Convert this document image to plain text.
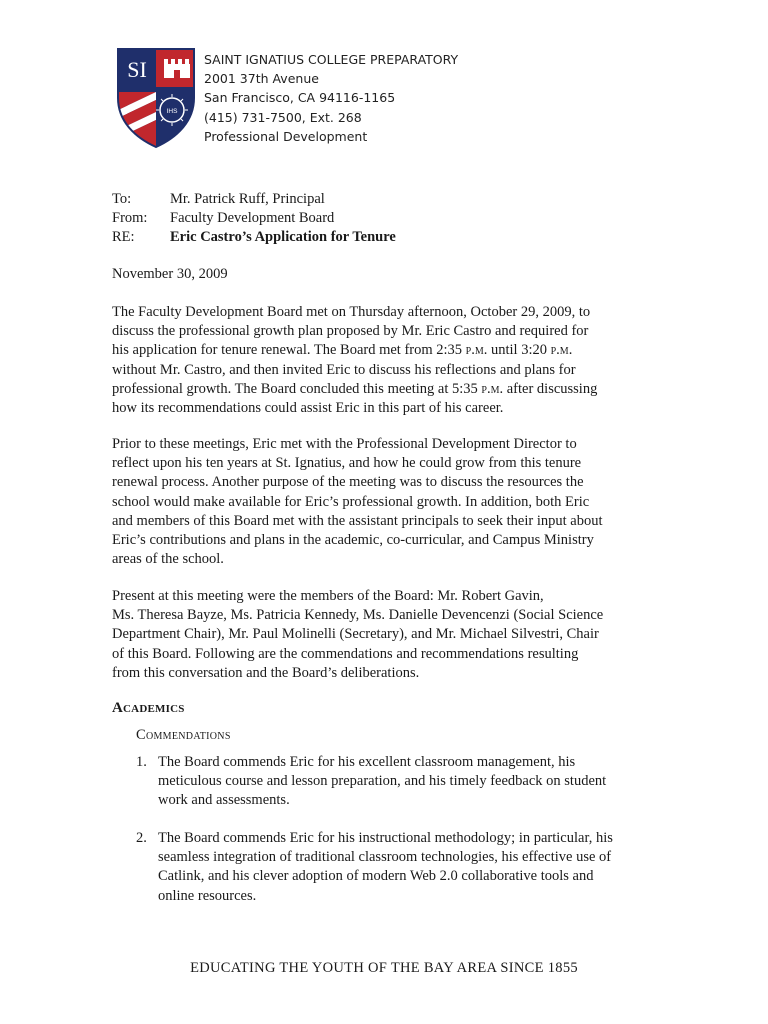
SI
IHS
SAINT IGNATIUS COLLEGE PREPARATORY
2001 37th Avenue
San Francisco, CA 94116-1165
(415) 731-7500, Ext. 268
Professional Development
To:	Mr. Patrick Ruff, Principal
From:	Faculty Development Board
RE:	Eric Castro’s Application for Tenure
November 30, 2009
The Faculty Development Board met on Thursday afternoon, October 29, 2009, to
discuss the professional growth plan proposed by Mr. Eric Castro and required for
his application for tenure renewal. The Board met from 2:35 p.m. until 3:20 p.m.
without Mr. Castro, and then invited Eric to discuss his reflections and plans for
professional growth. The Board concluded this meeting at 5:35 p.m. after discussing
how its recommendations could assist Eric in this part of his career.
Prior to these meetings, Eric met with the Professional Development Director to
reflect upon his ten years at St. Ignatius, and how he could grow from this tenure
renewal process. Another purpose of the meeting was to discuss the resources the
school would make available for Eric’s professional growth. In addition, both Eric
and members of this Board met with the assistant principals to seek their input about
Eric’s contributions and plans in the academic, co-curricular, and Campus Ministry
areas of the school.
Present at this meeting were the members of the Board: Mr. Robert Gavin,
Ms. Theresa Bayze, Ms. Patricia Kennedy, Ms. Danielle Devencenzi (Social Science
Department Chair), Mr. Paul Molinelli (Secretary), and Mr. Michael Silvestri, Chair
of this Board. Following are the commendations and recommendations resulting
from this conversation and the Board’s deliberations.
Academics
Commendations
1. The Board commends Eric for his excellent classroom management, his
meticulous course and lesson preparation, and his timely feedback on student
work and assessments.
2. The Board commends Eric for his instructional methodology; in particular, his
seamless integration of traditional classroom technologies, his effective use of
Catlink, and his clever adoption of modern Web 2.0 collaborative tools and
online resources.
EDUCATING THE YOUTH OF THE BAY AREA SINCE 1855
